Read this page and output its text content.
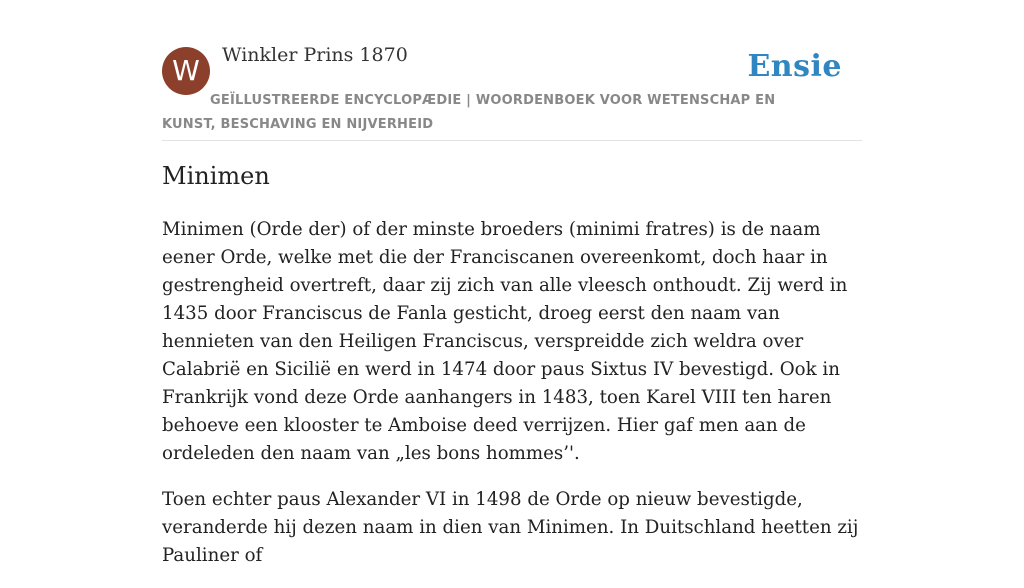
W	Winkler Prins 1870	Ensie
GEÏLLUSTREERDE ENCYCLOPÆDIE | WOORDENBOEK VOOR WETENSCHAP EN KUNST, BESCHAVING EN NIJVERHEID
Minimen

Minimen (Orde der) of der minste broeders (minimi fratres) is de naam eener Orde, welke met die der Franciscanen overeenkomt, doch haar in gestrengheid overtreft, daar zij zich van alle vleesch onthoudt. Zij werd in 1435 door Franciscus de Fanla gesticht, droeg eerst den naam van hennieten van den Heiligen Franciscus, verspreidde zich weldra over Calabrië en Sicilië en werd in 1474 door paus Sixtus IV bevestigd. Ook in Frankrijk vond deze Orde aanhangers in 1483, toen Karel VIII ten haren behoeve een klooster te Amboise deed verrijzen. Hier gaf men aan de ordeleden den naam van „les bons hommes’'.

Toen echter paus Alexander VI in 1498 de Orde op nieuw bevestigde, veranderde hij dezen naam in dien van Minimen. In Duitschland heetten zij Pauliner of
